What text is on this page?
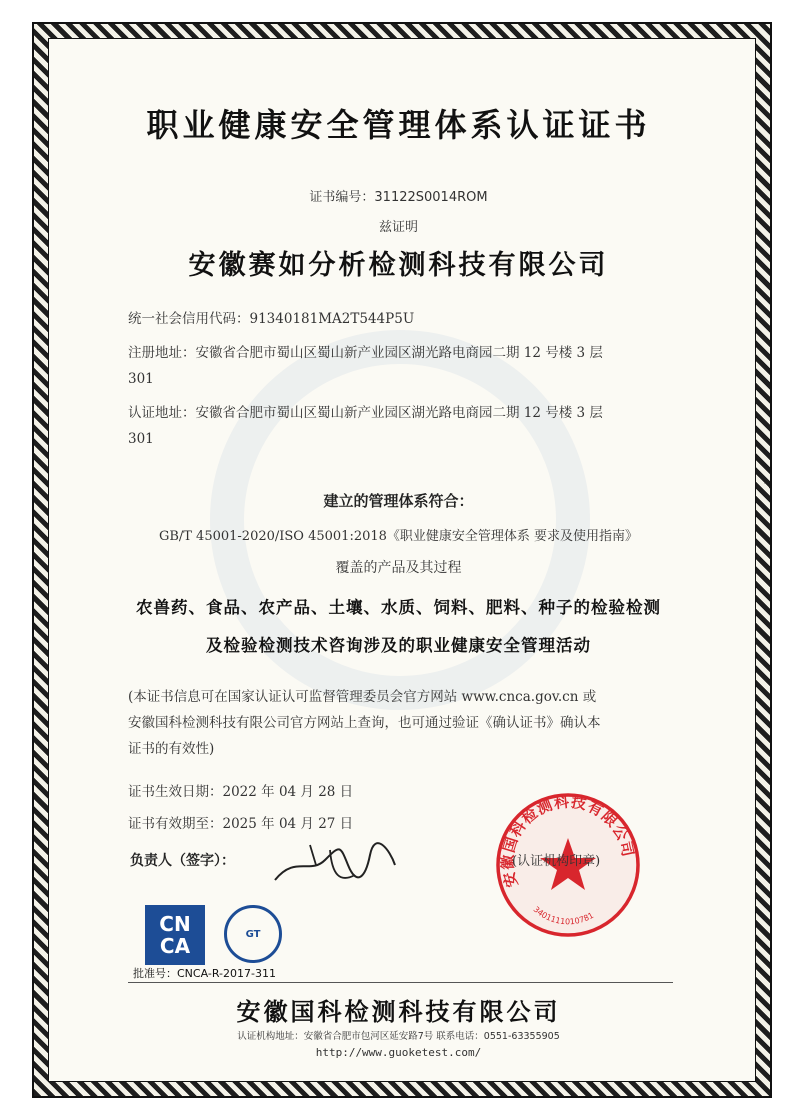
职业健康安全管理体系认证证书
证书编号：31122S0014ROM
兹证明
安徽赛如分析检测科技有限公司
统一社会信用代码：91340181MA2T544P5U
注册地址：安徽省合肥市蜀山区蜀山新产业园区湖光路电商园二期 12 号楼 3 层
301
认证地址：安徽省合肥市蜀山区蜀山新产业园区湖光路电商园二期 12 号楼 3 层
301
建立的管理体系符合：
GB/T 45001-2020/ISO 45001:2018《职业健康安全管理体系 要求及使用指南》
覆盖的产品及其过程
农兽药、食品、农产品、土壤、水质、饲料、肥料、种子的检验检测
及检验检测技术咨询涉及的职业健康安全管理活动
(本证书信息可在国家认证认可监督管理委员会官方网站 www.cnca.gov.cn 或
安徽国科检测科技有限公司官方网站上查询，也可通过验证《确认证书》确认本
证书的有效性)
证书生效日期：2022 年 04 月 28 日
证书有效期至：2025 年 04 月 27 日
负责人（签字）：
安徽国科检测科技有限公司
3401111010781
(认证机构印章)
CN
CA	GT
批准号：CNCA-R-2017-311
安徽国科检测科技有限公司
认证机构地址：安徽省合肥市包河区延安路7号 联系电话：0551-63355905
http://www.guoketest.com/
